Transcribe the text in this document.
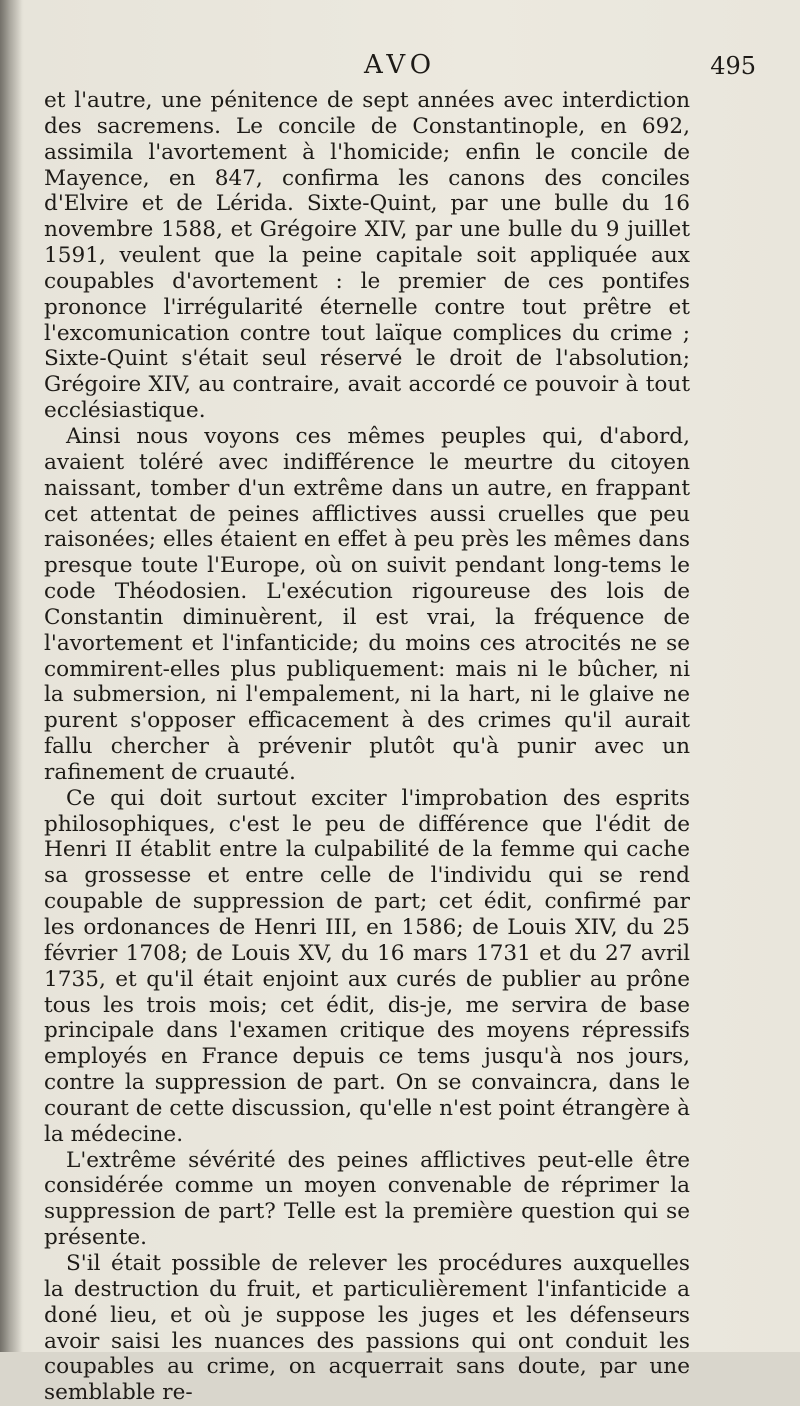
AVO	495

et l'autre, une pénitence de sept années avec interdiction des sacremens. Le concile de Constantinople, en 692, assimila l'avortement à l'homicide; enfin le concile de Mayence, en 847, confirma les canons des conciles d'Elvire et de Lérida. Sixte-Quint, par une bulle du 16 novembre 1588, et Grégoire XIV, par une bulle du 9 juillet 1591, veulent que la peine capitale soit appliquée aux coupables d'avortement : le premier de ces pontifes prononce l'irrégularité éternelle contre tout prêtre et l'excomunication contre tout laïque complices du crime ; Sixte-Quint s'était seul réservé le droit de l'absolution; Grégoire XIV, au contraire, avait accordé ce pouvoir à tout ecclésiastique.

Ainsi nous voyons ces mêmes peuples qui, d'abord, avaient toléré avec indifférence le meurtre du citoyen naissant, tomber d'un extrême dans un autre, en frappant cet attentat de peines afflictives aussi cruelles que peu raisonées; elles étaient en effet à peu près les mêmes dans presque toute l'Europe, où on suivit pendant long-tems le code Théodosien. L'exécution rigoureuse des lois de Constantin diminuèrent, il est vrai, la fréquence de l'avortement et l'infanticide; du moins ces atrocités ne se commirent-elles plus publiquement: mais ni le bûcher, ni la submersion, ni l'empalement, ni la hart, ni le glaive ne purent s'opposer efficacement à des crimes qu'il aurait fallu chercher à prévenir plutôt qu'à punir avec un rafinement de cruauté.

Ce qui doit surtout exciter l'improbation des esprits philosophiques, c'est le peu de différence que l'édit de Henri II établit entre la culpabilité de la femme qui cache sa grossesse et entre celle de l'individu qui se rend coupable de suppression de part; cet édit, confirmé par les ordonances de Henri III, en 1586; de Louis XIV, du 25 février 1708; de Louis XV, du 16 mars 1731 et du 27 avril 1735, et qu'il était enjoint aux curés de publier au prône tous les trois mois; cet édit, dis-je, me servira de base principale dans l'examen critique des moyens répressifs employés en France depuis ce tems jusqu'à nos jours, contre la suppression de part. On se convaincra, dans le courant de cette discussion, qu'elle n'est point étrangère à la médecine.

L'extrême sévérité des peines afflictives peut-elle être considérée comme un moyen convenable de réprimer la suppression de part? Telle est la première question qui se présente.

S'il était possible de relever les procédures auxquelles la destruction du fruit, et particulièrement l'infanticide a doné lieu, et où je suppose les juges et les défenseurs avoir saisi les nuances des passions qui ont conduit les coupables au crime, on acquerrait sans doute, par une semblable re-
